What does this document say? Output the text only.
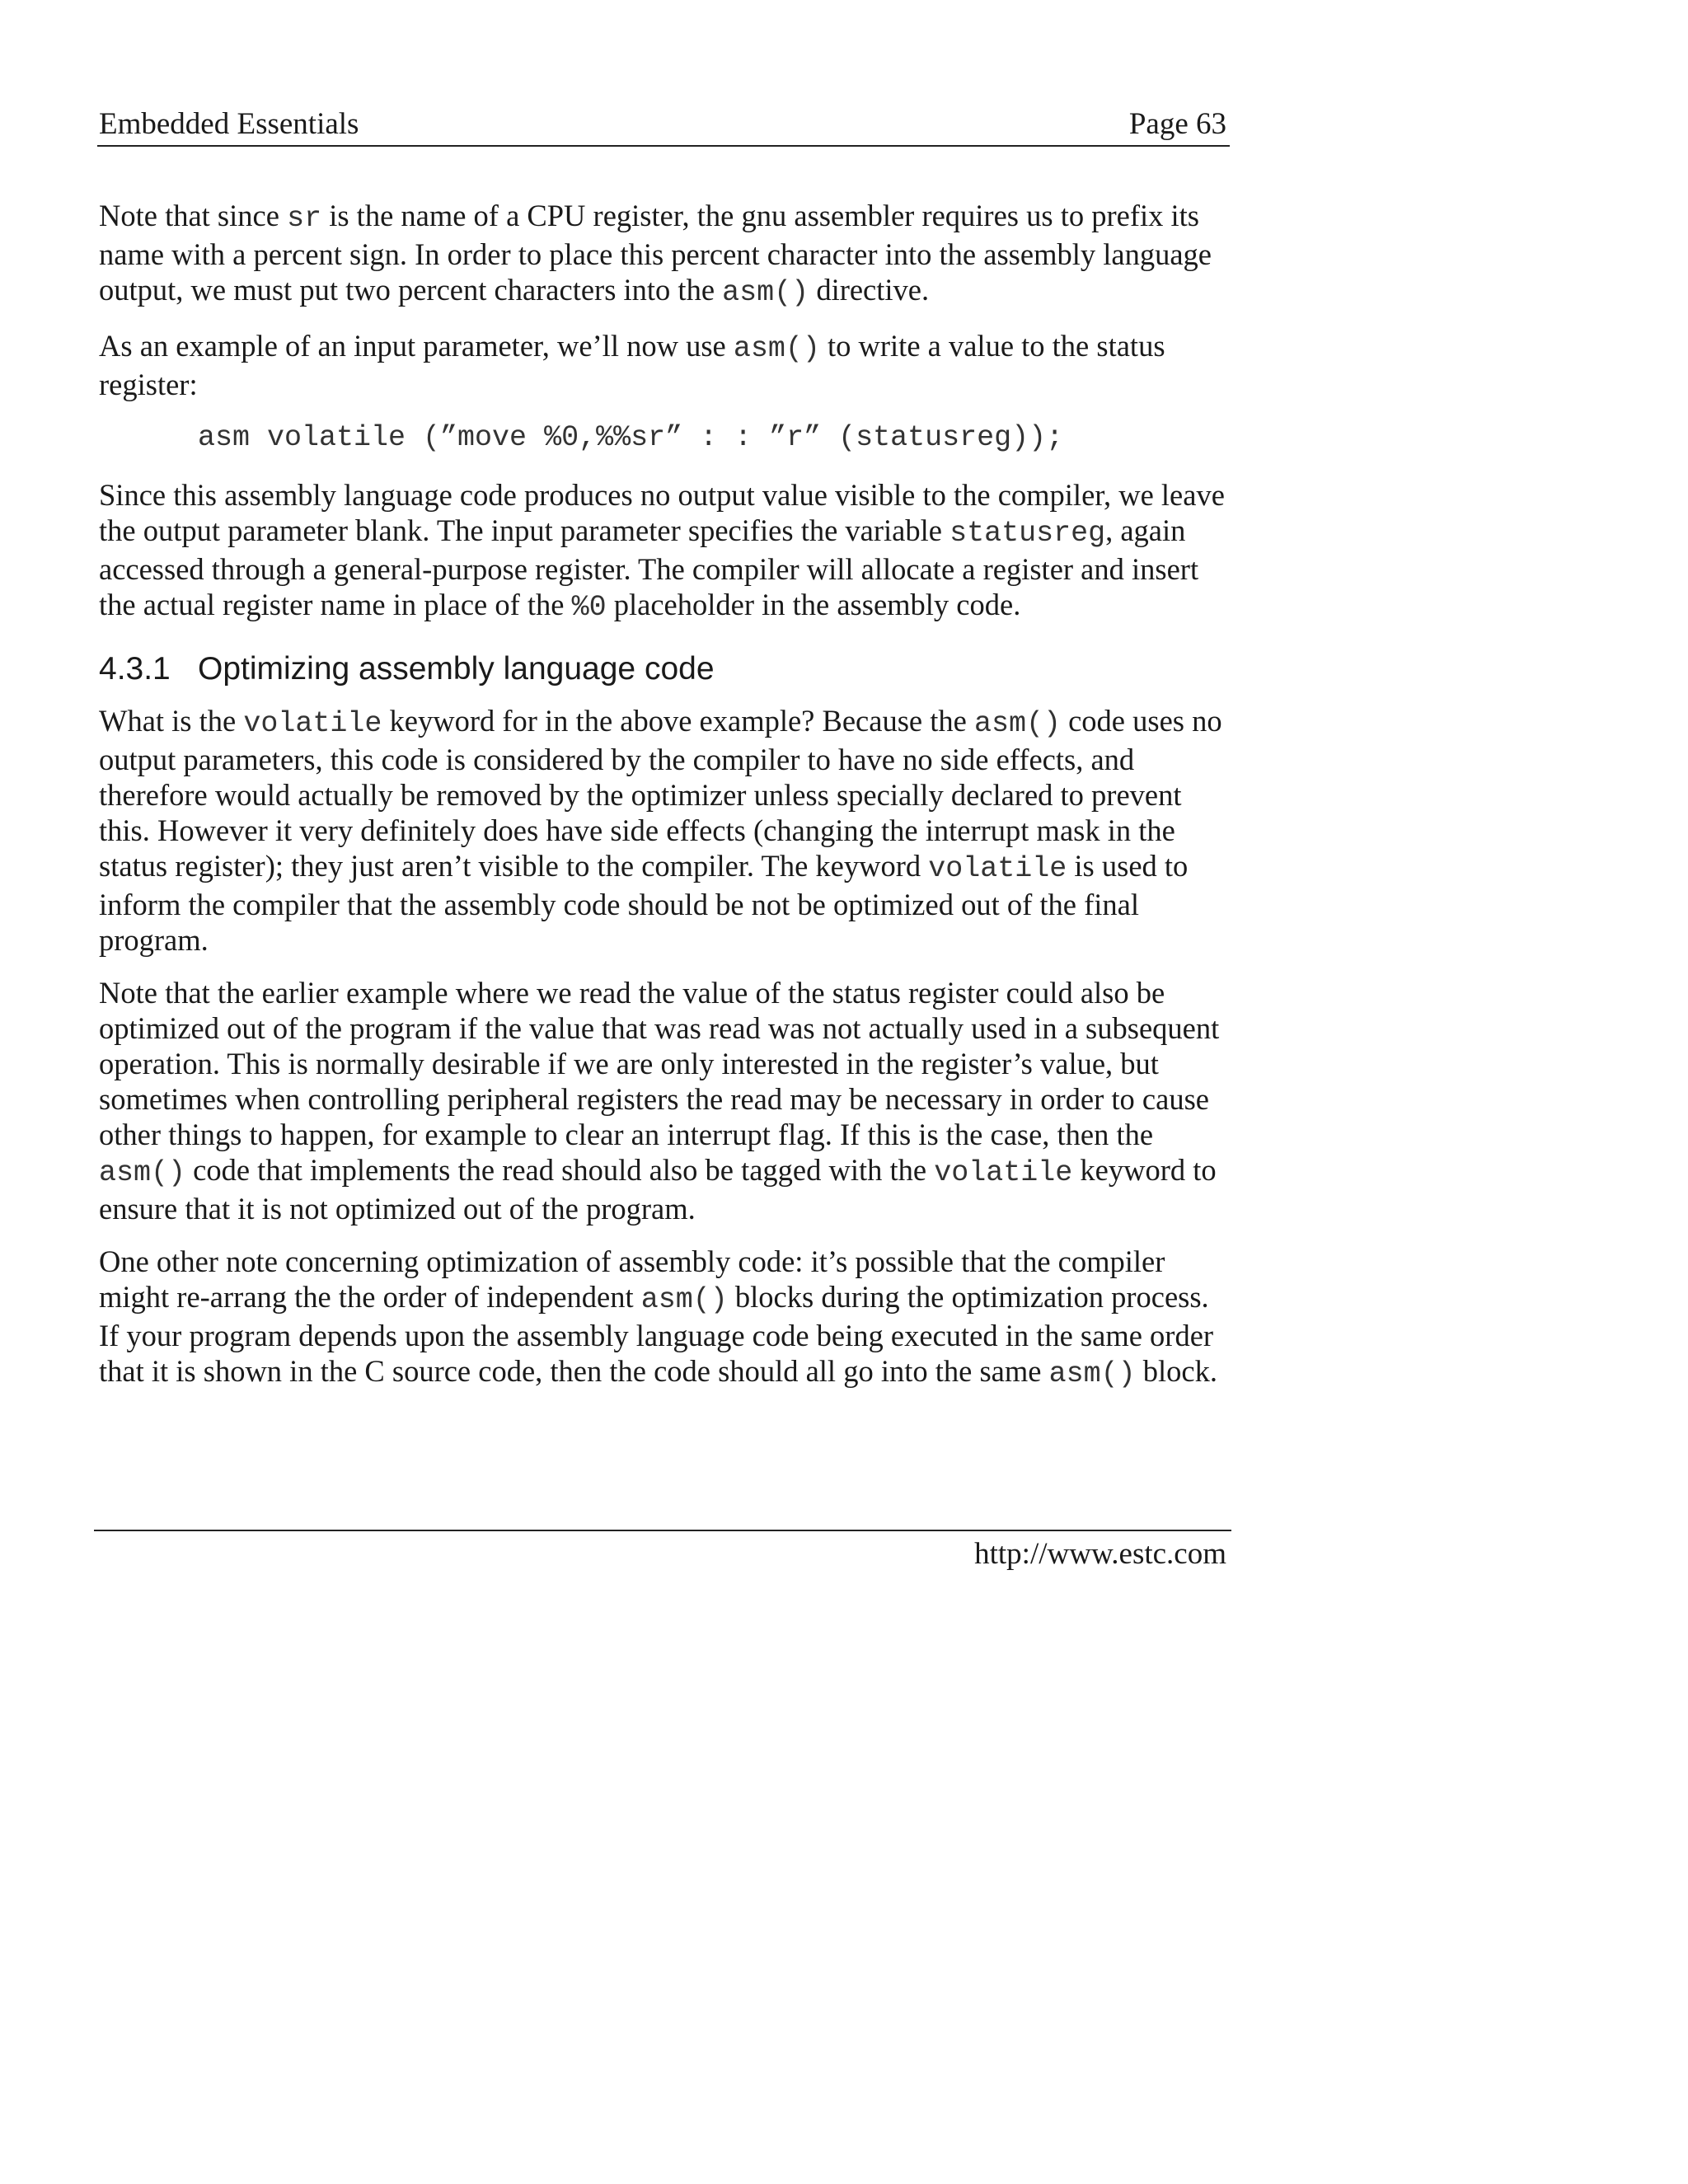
Embedded Essentials	Page 63

Note that since sr is the name of a CPU register, the gnu assembler requires us to prefix its name with a percent sign. In order to place this percent character into the assembly language output, we must put two percent characters into the asm() directive.

As an example of an input parameter, we’ll now use asm() to write a value to the status register:

asm volatile (”move %0,%%sr” : : ”r” (statusreg));

Since this assembly language code produces no output value visible to the compiler, we leave the output parameter blank. The input parameter specifies the variable statusreg, again accessed through a general-purpose register. The compiler will allocate a register and insert the actual register name in place of the %0 placeholder in the assembly code.

4.3.1 Optimizing assembly language code

What is the volatile keyword for in the above example? Because the asm() code uses no output parameters, this code is considered by the compiler to have no side effects, and therefore would actually be removed by the optimizer unless specially declared to prevent this. However it very definitely does have side effects (changing the interrupt mask in the status register); they just aren’t visible to the compiler. The keyword volatile is used to inform the compiler that the assembly code should be not be optimized out of the final program.

Note that the earlier example where we read the value of the status register could also be optimized out of the program if the value that was read was not actually used in a subsequent operation. This is normally desirable if we are only interested in the register’s value, but sometimes when controlling peripheral registers the read may be necessary in order to cause other things to happen, for example to clear an interrupt flag. If this is the case, then the asm() code that implements the read should also be tagged with the volatile keyword to ensure that it is not optimized out of the program.

One other note concerning optimization of assembly code: it’s possible that the compiler might re-arrang the the order of independent asm() blocks during the optimization process. If your program depends upon the assembly language code being executed in the same order that it is shown in the C source code, then the code should all go into the same asm() block.

http://www.estc.com
